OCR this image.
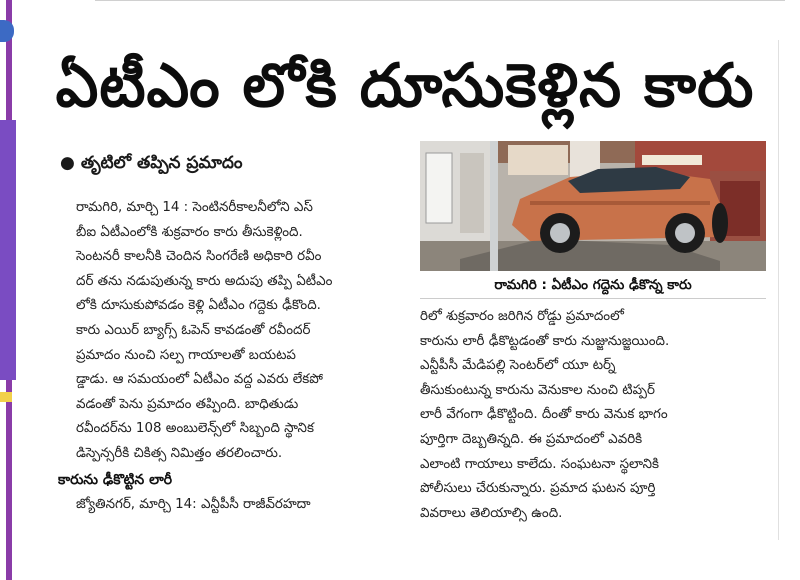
ఏటీఎం లోకి దూసుకెళ్లిన కారు
● తృటిలో తప్పిన ప్రమాదం

రామగిరి, మార్చి 14 : సెంటినరీకాలనీలోని ఎస్

బీఐ ఏటీఎంలోకి శుక్రవారం కారు తీసుకెళ్లింది.

సెంటనరీ కాలనీకి చెందిన సింగరేణి అధికారి రవీం

దర్ తను నడుపుతున్న కారు అదుపు తప్పి ఏటీఎం

లోకి దూసుకుపోవడం కెళ్లి ఏటీఎం గద్దెకు ఢీకొంది.

కారు ఎయిర్ బ్యాగ్స్ ఓపెన్ కావడంతో రవీందర్

ప్రమాదం నుంచి సల్ప గాయాలతో బయటప

డ్డాడు. ఆ సమయంలో ఏటీఎం వద్ద ఎవరు లేకపో

వడంతో పెను ప్రమాదం తప్పింది. బాధితుడు

రవీందర్‌ను 108 అంబులెన్స్‌లో సిబ్బంది స్థానిక

డిస్పెన్సరీకి చికిత్స నిమిత్తం తరలించారు.

కారును ఢీకొట్టిన లారీ

జ్యోతినగర్, మార్చి 14: ఎన్టీపీసీ రాజీవ్‌రహదా

రామగిరి : ఏటీఎం గద్దెను ఢీకొన్న కారు

రిలో శుక్రవారం జరిగిన రోడ్డు ప్రమాదంలో

కారును లారీ ఢీకొట్టడంతో కారు నుజ్జునుజ్జయింది.

ఎన్టీపీసీ మేడిపల్లి సెంటర్‌లో యూ టర్న్

తీసుకుంటున్న కారును వెనుకాల నుంచి టిప్పర్

లారీ వేగంగా ఢీకొట్టింది. దీంతో కారు వెనుక భాగం

పూర్తిగా దెబ్బతిన్నది. ఈ ప్రమాదంలో ఎవరికి

ఎలాంటి గాయాలు కాలేదు. సంఘటనా స్థలానికి

పోలీసులు చేరుకున్నారు. ప్రమాద ఘటన పూర్తి

వివరాలు తెలియాల్సి ఉంది.
